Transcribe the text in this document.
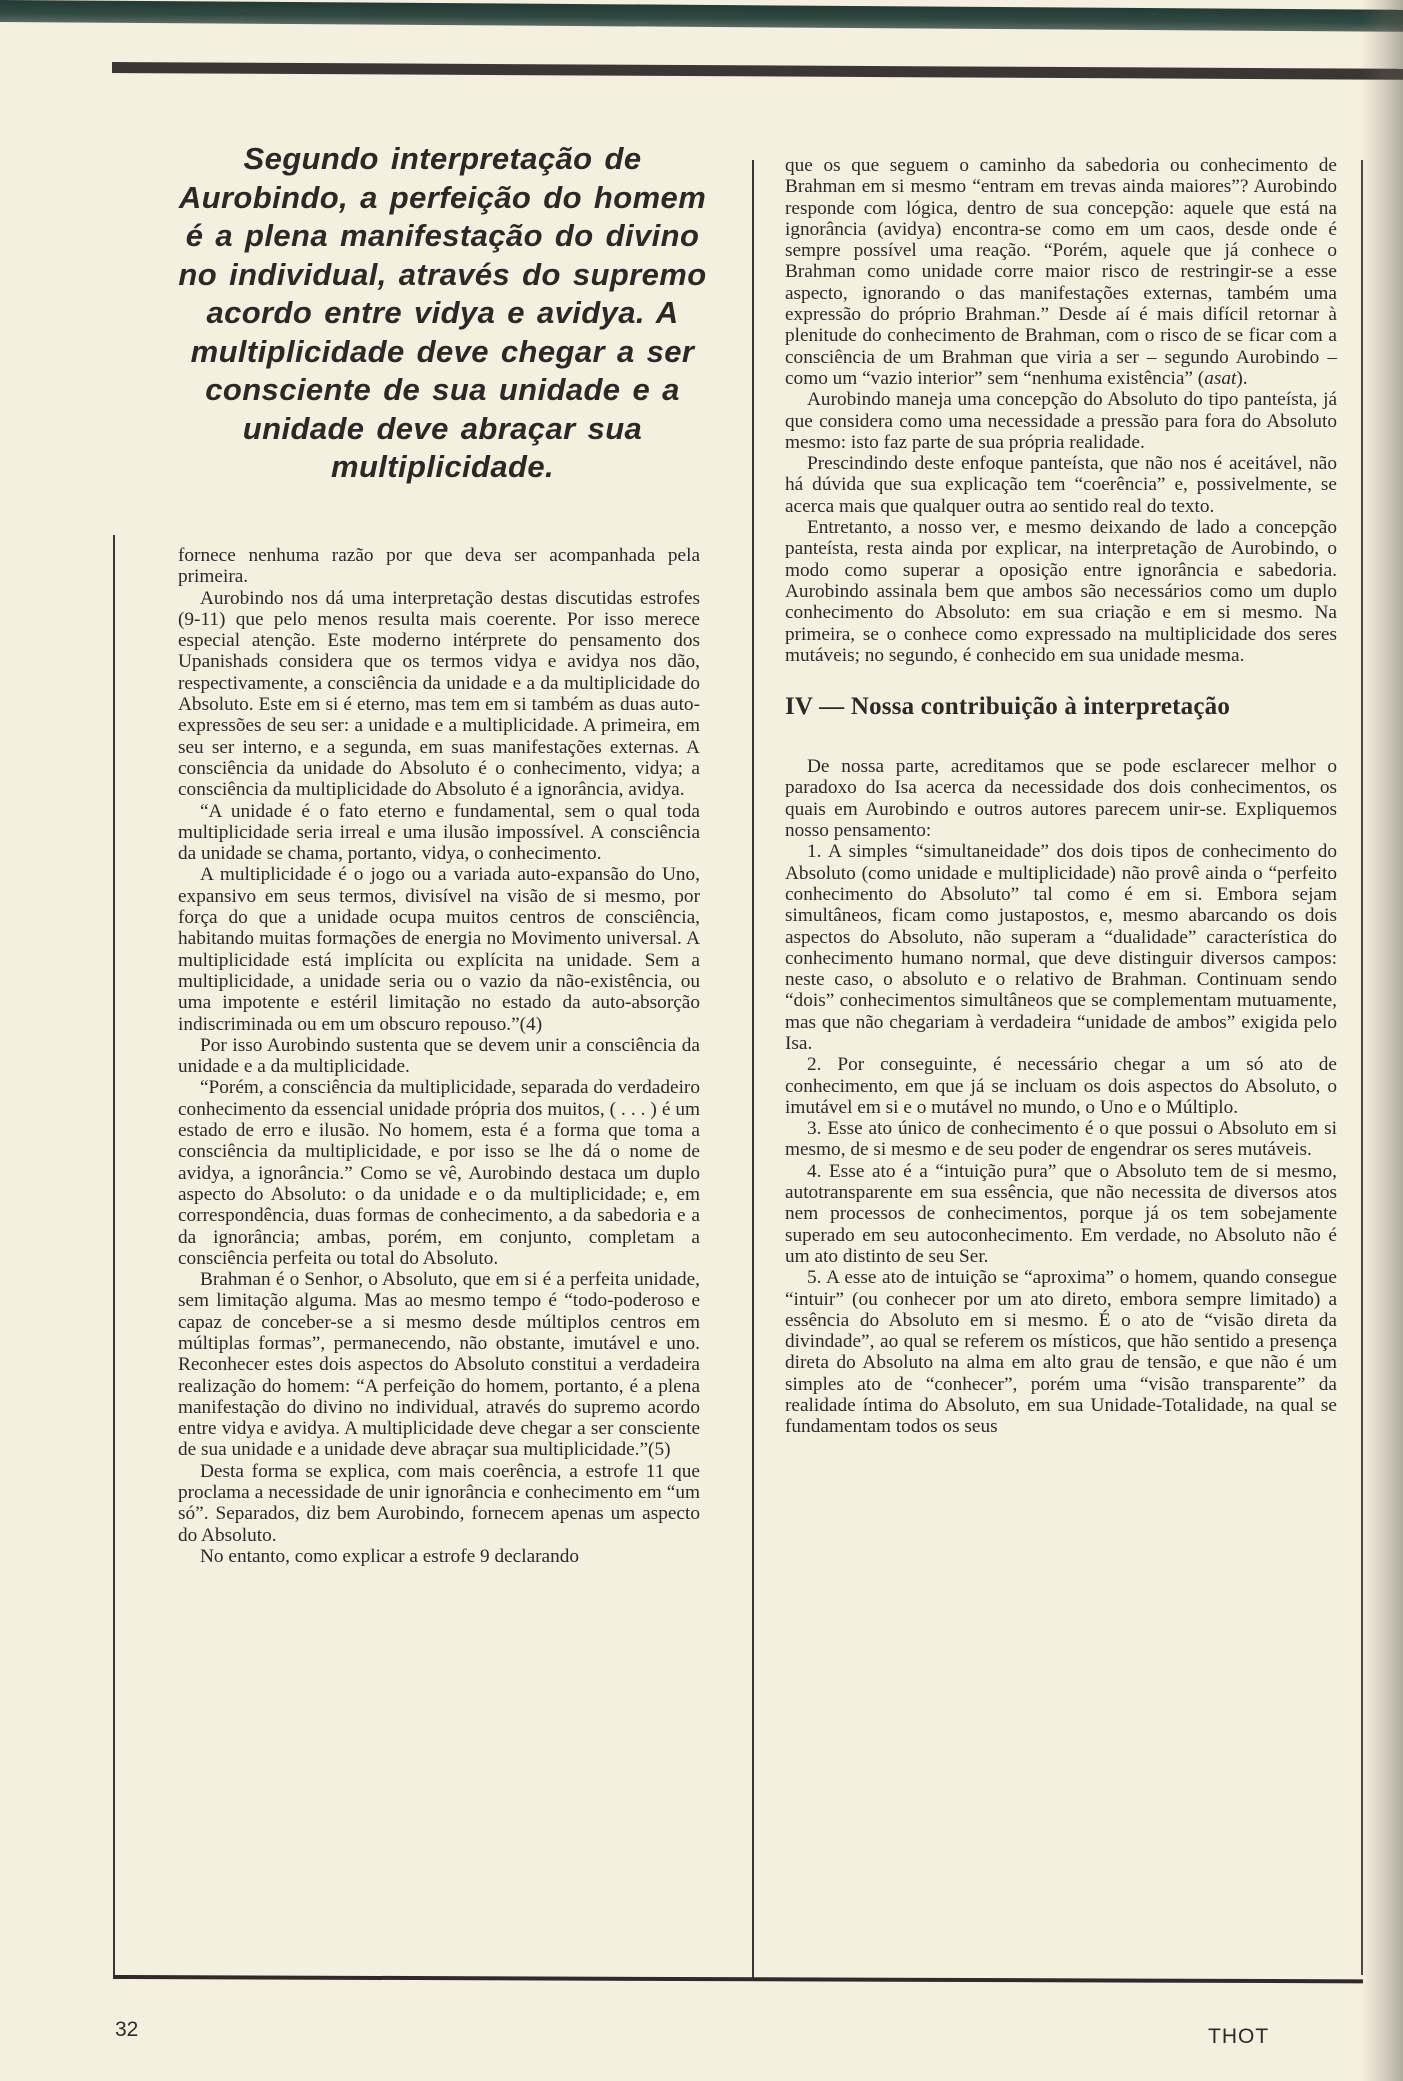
Segundo interpretação de Aurobindo, a perfeição do homem é a plena manifestação do divino no individual, através do supremo acordo entre vidya e avidya. A multiplicidade deve chegar a ser consciente de sua unidade e a unidade deve abraçar sua multiplicidade.

fornece nenhuma razão por que deva ser acompanhada pela primeira.

Aurobindo nos dá uma interpretação destas discutidas estrofes (9-11) que pelo menos resulta mais coerente. Por isso merece especial atenção. Este moderno intérprete do pensamento dos Upanishads considera que os termos vidya e avidya nos dão, respectivamente, a consciência da unidade e a da multiplicidade do Absoluto. Este em si é eterno, mas tem em si também as duas auto-expressões de seu ser: a unidade e a multiplicidade. A primeira, em seu ser interno, e a segunda, em suas manifestações externas. A consciência da unidade do Absoluto é o conhecimento, vidya; a consciência da multiplicidade do Absoluto é a ignorância, avidya.

“A unidade é o fato eterno e fundamental, sem o qual toda multiplicidade seria irreal e uma ilusão impossível. A consciência da unidade se chama, portanto, vidya, o conhecimento.

A multiplicidade é o jogo ou a variada auto-expansão do Uno, expansivo em seus termos, divisível na visão de si mesmo, por força do que a unidade ocupa muitos centros de consciência, habitando muitas formações de energia no Movimento universal. A multiplicidade está implícita ou explícita na unidade. Sem a multiplicidade, a unidade seria ou o vazio da não-existência, ou uma impotente e estéril limitação no estado da auto-absorção indiscriminada ou em um obscuro repouso.”(4)

Por isso Aurobindo sustenta que se devem unir a consciência da unidade e a da multiplicidade.

“Porém, a consciência da multiplicidade, separada do verdadeiro conhecimento da essencial unidade própria dos muitos, ( . . . ) é um estado de erro e ilusão. No homem, esta é a forma que toma a consciência da multiplicidade, e por isso se lhe dá o nome de avidya, a ignorância.” Como se vê, Aurobindo destaca um duplo aspecto do Absoluto: o da unidade e o da multiplicidade; e, em correspondência, duas formas de conhecimento, a da sabedoria e a da ignorância; ambas, porém, em conjunto, completam a consciência perfeita ou total do Absoluto.

Brahman é o Senhor, o Absoluto, que em si é a perfeita unidade, sem limitação alguma. Mas ao mesmo tempo é “todo-poderoso e capaz de conceber-se a si mesmo desde múltiplos centros em múltiplas formas”, permanecendo, não obstante, imutável e uno. Reconhecer estes dois aspectos do Absoluto constitui a verdadeira realização do homem: “A perfeição do homem, portanto, é a plena manifestação do divino no individual, através do supremo acordo entre vidya e avidya. A multiplicidade deve chegar a ser consciente de sua unidade e a unidade deve abraçar sua multiplicidade.”(5)

Desta forma se explica, com mais coerência, a estrofe 11 que proclama a necessidade de unir ignorância e conhecimento em “um só”. Separados, diz bem Aurobindo, fornecem apenas um aspecto do Absoluto.

No entanto, como explicar a estrofe 9 declarando

que os que seguem o caminho da sabedoria ou conhecimento de Brahman em si mesmo “entram em trevas ainda maiores”? Aurobindo responde com lógica, dentro de sua concepção: aquele que está na ignorância (avidya) encontra-se como em um caos, desde onde é sempre possível uma reação. “Porém, aquele que já conhece o Brahman como unidade corre maior risco de restringir-se a esse aspecto, ignorando o das manifestações externas, também uma expressão do próprio Brahman.” Desde aí é mais difícil retornar à plenitude do conhecimento de Brahman, com o risco de se ficar com a consciência de um Brahman que viria a ser – segundo Aurobindo – como um “vazio interior” sem “nenhuma existência” (asat).

Aurobindo maneja uma concepção do Absoluto do tipo panteísta, já que considera como uma necessidade a pressão para fora do Absoluto mesmo: isto faz parte de sua própria realidade.

Prescindindo deste enfoque panteísta, que não nos é aceitável, não há dúvida que sua explicação tem “coerência” e, possivelmente, se acerca mais que qualquer outra ao sentido real do texto.

Entretanto, a nosso ver, e mesmo deixando de lado a concepção panteísta, resta ainda por explicar, na interpretação de Aurobindo, o modo como superar a oposição entre ignorância e sabedoria. Aurobindo assinala bem que ambos são necessários como um duplo conhecimento do Absoluto: em sua criação e em si mesmo. Na primeira, se o conhece como expressado na multiplicidade dos seres mutáveis; no segundo, é conhecido em sua unidade mesma.

IV — Nossa contribuição à interpretação

De nossa parte, acreditamos que se pode esclarecer melhor o paradoxo do Isa acerca da necessidade dos dois conhecimentos, os quais em Aurobindo e outros autores parecem unir-se. Expliquemos nosso pensamento:

1. A simples “simultaneidade” dos dois tipos de conhecimento do Absoluto (como unidade e multiplicidade) não provê ainda o “perfeito conhecimento do Absoluto” tal como é em si. Embora sejam simultâneos, ficam como justapostos, e, mesmo abarcando os dois aspectos do Absoluto, não superam a “dualidade” característica do conhecimento humano normal, que deve distinguir diversos campos: neste caso, o absoluto e o relativo de Brahman. Continuam sendo “dois” conhecimentos simultâneos que se complementam mutuamente, mas que não chegariam à verdadeira “unidade de ambos” exigida pelo Isa.

2. Por conseguinte, é necessário chegar a um só ato de conhecimento, em que já se incluam os dois aspectos do Absoluto, o imutável em si e o mutável no mundo, o Uno e o Múltiplo.

3. Esse ato único de conhecimento é o que possui o Absoluto em si mesmo, de si mesmo e de seu poder de engendrar os seres mutáveis.

4. Esse ato é a “intuição pura” que o Absoluto tem de si mesmo, autotransparente em sua essência, que não necessita de diversos atos nem processos de conhecimentos, porque já os tem sobejamente superado em seu autoconhecimento. Em verdade, no Absoluto não é um ato distinto de seu Ser.

5. A esse ato de intuição se “aproxima” o homem, quando consegue “intuir” (ou conhecer por um ato direto, embora sempre limitado) a essência do Absoluto em si mesmo. É o ato de “visão direta da divindade”, ao qual se referem os místicos, que hão sentido a presença direta do Absoluto na alma em alto grau de tensão, e que não é um simples ato de “conhecer”, porém uma “visão transparente” da realidade íntima do Absoluto, em sua Unidade-Totalidade, na qual se fundamentam todos os seus

32	THOT
